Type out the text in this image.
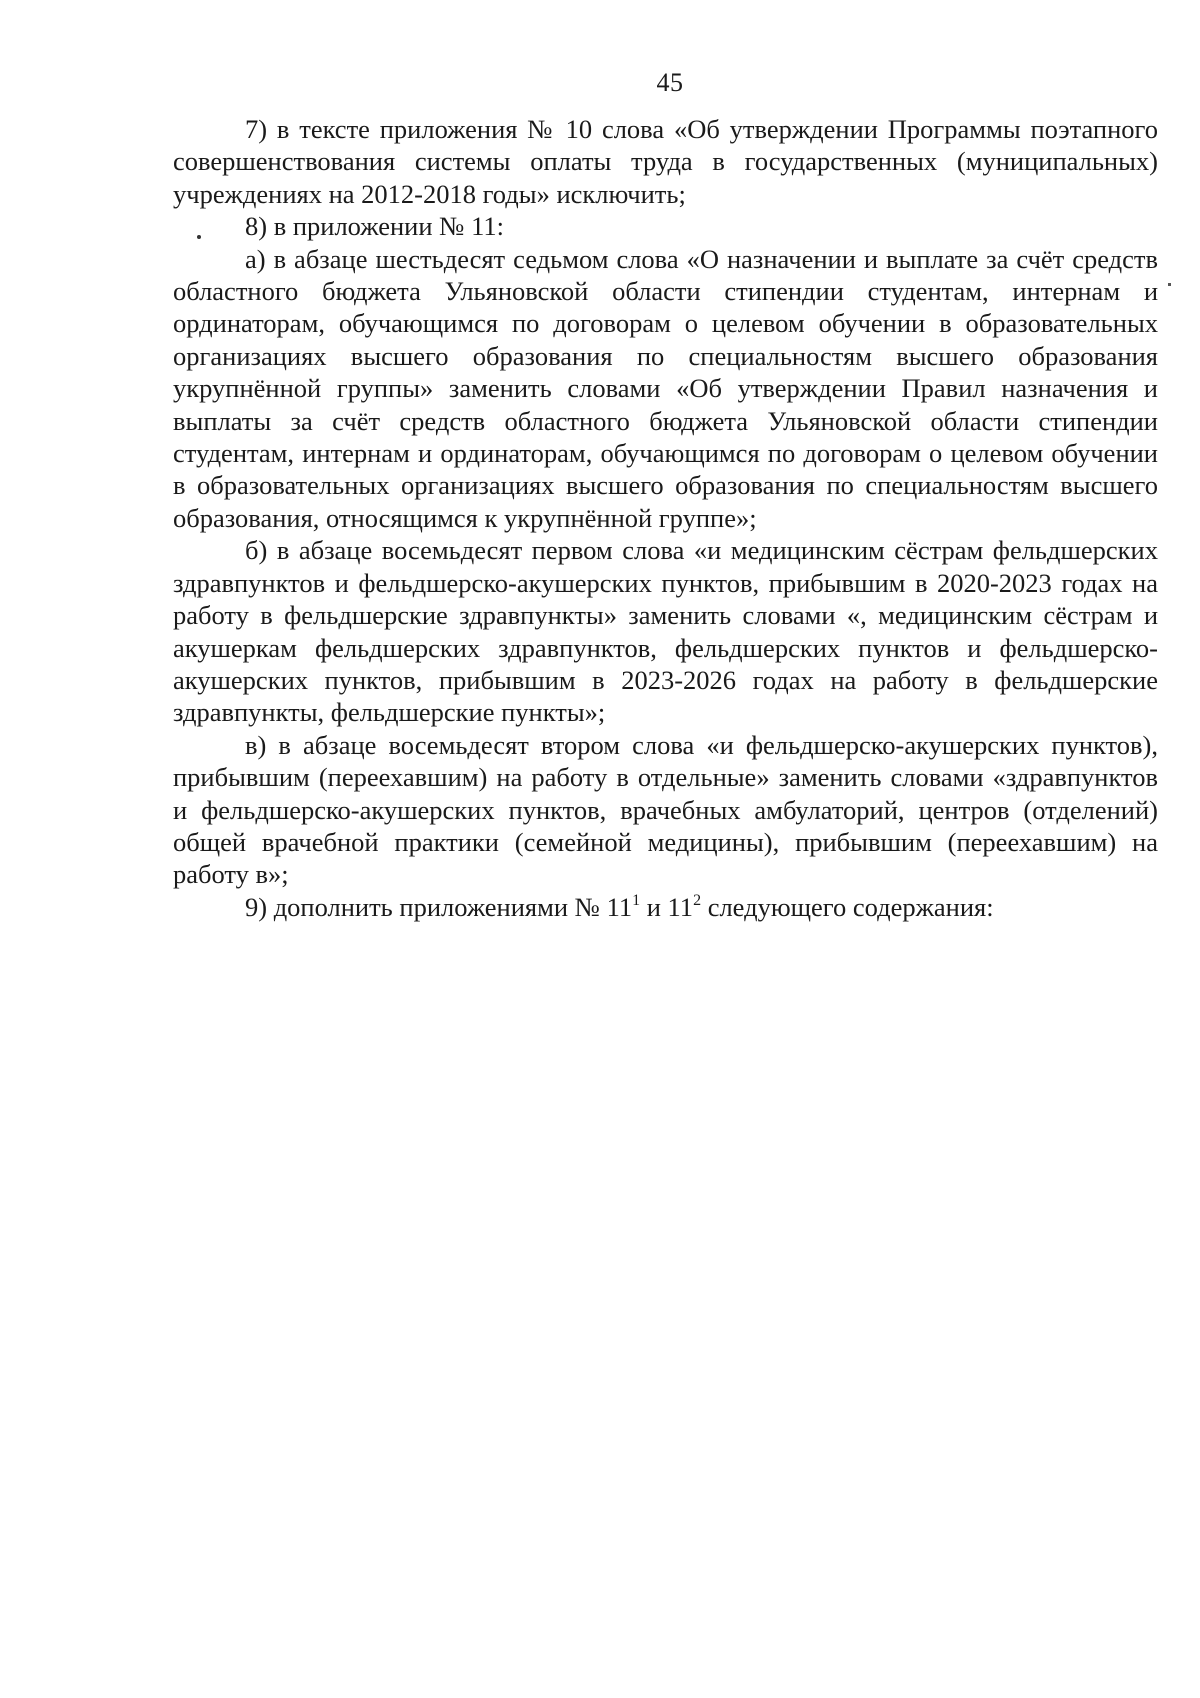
45

7) в тексте приложения № 10 слова «Об утверждении Программы поэтапного совершенствования системы оплаты труда в государственных (муниципальных) учреждениях на 2012-2018 годы» исключить;

8) в приложении № 11:

а) в абзаце шестьдесят седьмом слова «О назначении и выплате за счёт средств областного бюджета Ульяновской области стипендии студентам, интернам и ординаторам, обучающимся по договорам о целевом обучении в образовательных организациях высшего образования по специальностям высшего образования укрупнённой группы» заменить словами «Об утверждении Правил назначения и выплаты за счёт средств областного бюджета Ульяновской области стипендии студентам, интернам и ординаторам, обучающимся по договорам о целевом обучении в образовательных организациях высшего образования по специальностям высшего образования, относящимся к укрупнённой группе»;

б) в абзаце восемьдесят первом слова «и медицинским сёстрам фельдшерских здравпунктов и фельдшерско-акушерских пунктов, прибывшим в 2020-2023 годах на работу в фельдшерские здравпункты» заменить словами «, медицинским сёстрам и акушеркам фельдшерских здравпунктов, фельдшерских пунктов и фельдшерско-акушерских пунктов, прибывшим в 2023-2026 годах на работу в фельдшерские здравпункты, фельдшерские пункты»;

в) в абзаце восемьдесят втором слова «и фельдшерско-акушерских пунктов), прибывшим (переехавшим) на работу в отдельные» заменить словами «здравпунктов и фельдшерско-акушерских пунктов, врачебных амбулаторий, центров (отделений) общей врачебной практики (семейной медицины), прибывшим (переехавшим) на работу в»;

9) дополнить приложениями № $11^1$ и $11^2$ следующего содержания:
